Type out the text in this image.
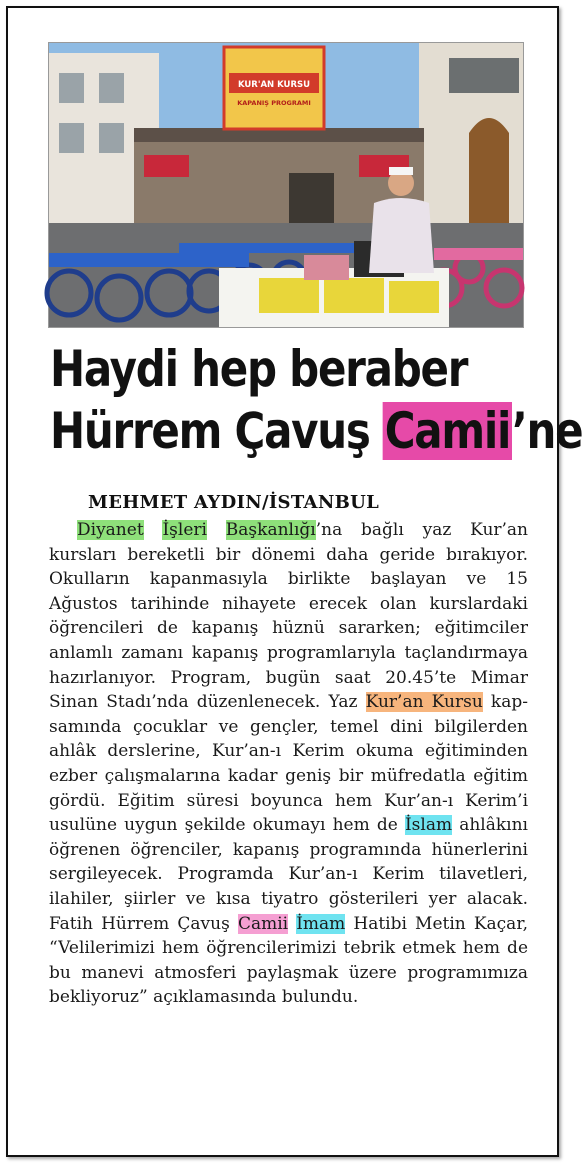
KUR'AN KURSU
KAPANIŞ PROGRAMI
Haydi hep beraber
Hürrem Çavuş Camii’ne
MEHMET AYDIN/İSTANBUL

Diyanet İşleri Başkanlığı’na bağlı yaz Kur’an kursları bereketli bir dönemi daha geride bırakıyor. Okulların kapanmasıyla birlikte başlayan ve 15 Ağustos tarihinde nihayete erecek olan kurslardaki öğrencileri de kapanış hüznü sararken; eğitimciler anlamlı zamanı kapanış programlarıyla taçlandırmaya hazırlanıyor. Program, bugün saat 20.45’te Mimar Sinan Stadı’nda düzenlenecek. Yaz Kur’an Kursu kapsamında çocuklar ve gençler, temel dini bilgilerden ahlâk derslerine, Kur’an-ı Kerim okuma eğitiminden ezber çalışmalarına kadar geniş bir müfredatla eğitim gördü. Eğitim süresi boyunca hem Kur’an-ı Kerim’i usulüne uygun şekilde okumayı hem de İslam ahlâkını öğrenen öğrenciler, kapanış programında hünerlerini sergileyecek. Programda Kur’an-ı Kerim tilavetleri, ilahiler, şiirler ve kısa tiyatro gösterileri yer alacak. Fatih Hürrem Çavuş Camii İmam Hatibi Metin Kaçar, “Velilerimizi hem öğrencilerimizi tebrik etmek hem de bu manevi atmosferi paylaşmak üzere programımıza bekliyoruz” açıklamasında bulundu.
